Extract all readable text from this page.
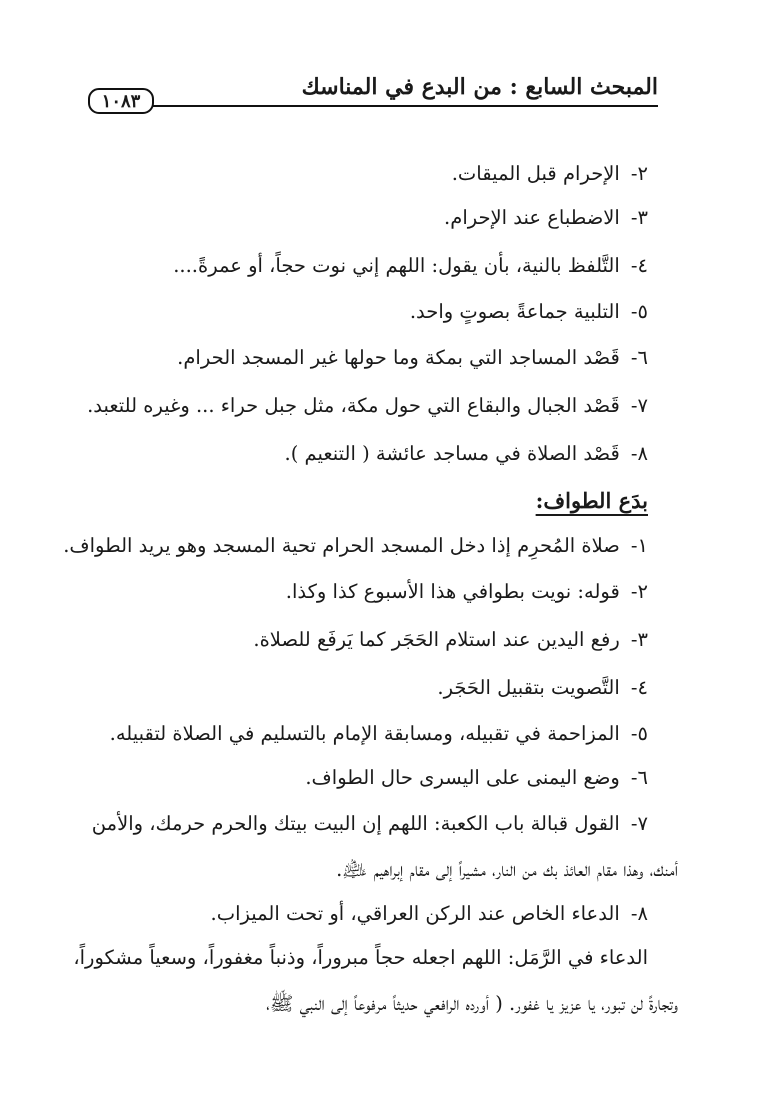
المبحث السابع : من البدع في المناسك
١٠٨٣
٢- الإحرام قبل الميقات.
٣- الاضطباع عند الإحرام.
٤- التَّلفظ بالنية، بأن يقول: اللهم إني نوت حجاً، أو عمرةً....
٥- التلبية جماعةً بصوتٍ واحد.
٦- قَصْد المساجد التي بمكة وما حولها غير المسجد الحرام.
٧- قَصْد الجبال والبقاع التي حول مكة، مثل جبل حراء ... وغيره للتعبد.
٨- قَصْد الصلاة في مساجد عائشة ( التنعيم ).
بدَع الطواف:
١- صلاة المُحرِم إذا دخل المسجد الحرام تحية المسجد وهو يريد الطواف.
٢- قوله: نويت بطوافي هذا الأسبوع كذا وكذا.
٣- رفع اليدين عند استلام الحَجَر كما يَرفَع للصلاة.
٤- التَّصويت بتقبيل الحَجَر.
٥- المزاحمة في تقبيله، ومسابقة الإمام بالتسليم في الصلاة لتقبيله.
٦- وضع اليمنى على اليسرى حال الطواف.
٧- القول قبالة باب الكعبة: اللهم إن البيت بيتك والحرم حرمك، والأمن
أمنك، وهذا مقام العائذ بك من النار، مشيراً إلى مقام إبراهيم ﵇.
٨- الدعاء الخاص عند الركن العراقي، أو تحت الميزاب.
الدعاء في الرَّمَل: اللهم اجعله حجاً مبروراً، وذنباً مغفوراً، وسعياً مشكوراً،
وتجارةً لن تبور، يا عزيز يا غفور. ( أورده الرافعي حديثاً مرفوعاً إلى النبي ﷺ،
